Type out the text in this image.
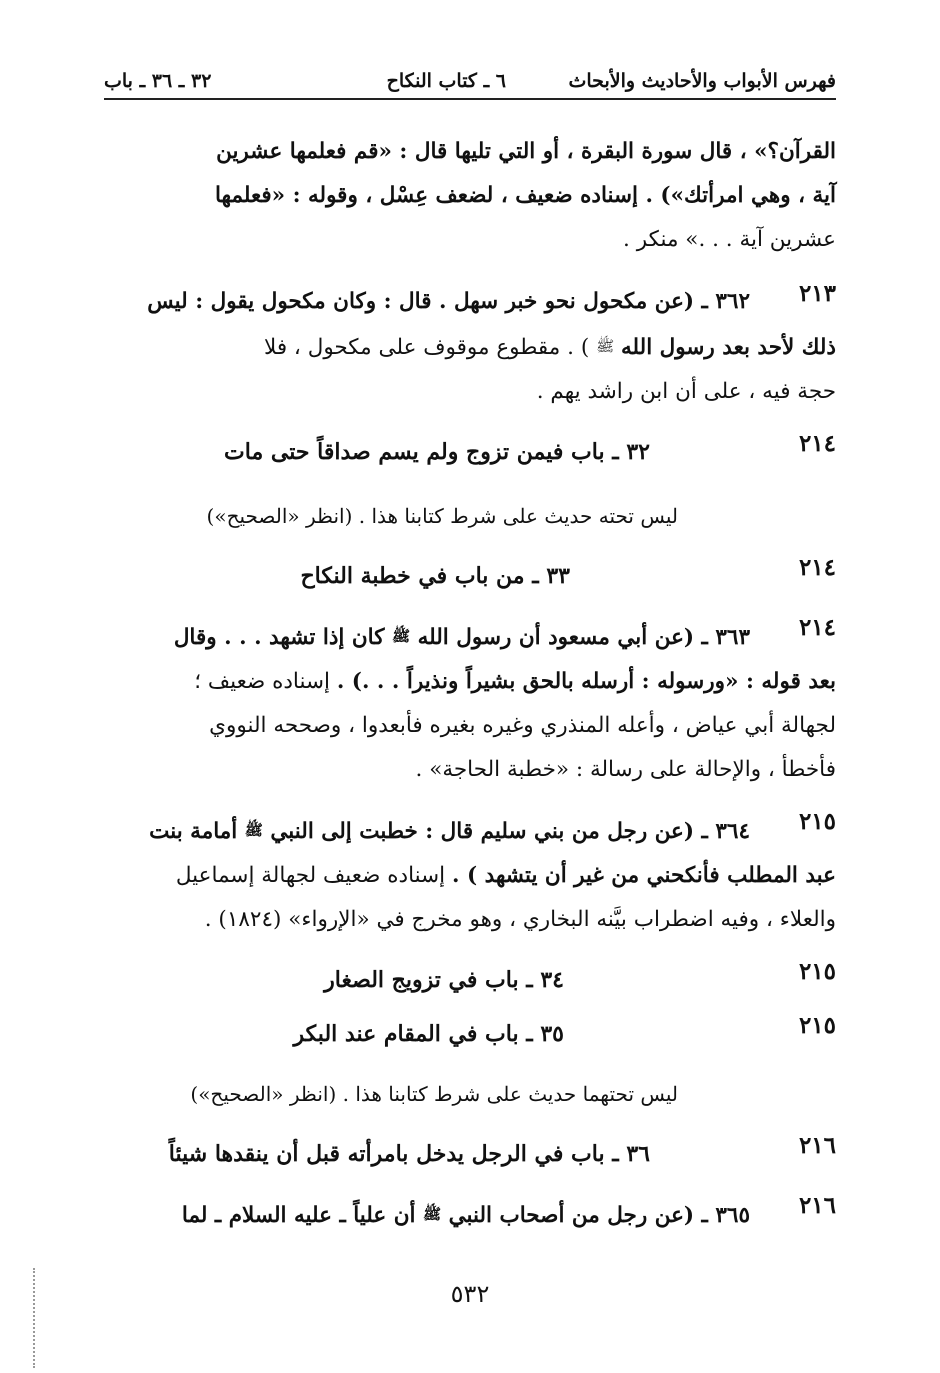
فهرس الأبواب والأحاديث والأبحاث
٦ ـ كتاب النكاح
٣٢ ـ ٣٦ ـ باب
القرآن؟» ، قال سورة البقرة ، أو التي تليها قال : «قم فعلمها عشرين
آية ، وهي امرأتك») . إسناده ضعيف ، لضعف عِسْل ، وقوله : «فعلمها
عشرين آية . . .» منكر .
٢١٣
٣٦٢ ـ (عن مكحول نحو خبر سهل . قال : وكان مكحول يقول : ليس
ذلك لأحد بعد رسول الله ﷺ ) . مقطوع موقوف على مكحول ، فلا
حجة فيه ، على أن ابن راشد يهم .
٢١٤
٣٢ ـ باب فيمن تزوج ولم يسم صداقاً حتى مات
ليس تحته حديث على شرط كتابنا هذا . (انظر «الصحيح»)
٢١٤
٣٣ ـ من باب في خطبة النكاح
٢١٤
٣٦٣ ـ (عن أبي مسعود أن رسول الله ﷺ كان إذا تشهد . . . وقال
بعد قوله : «ورسوله : أرسله بالحق بشيراً ونذيراً . . .) . إسناده ضعيف ؛
لجهالة أبي عياض ، وأعله المنذري وغيره بغيره فأبعدوا ، وصححه النووي
فأخطأ ، والإحالة على رسالة : «خطبة الحاجة» .
٢١٥
٣٦٤ ـ (عن رجل من بني سليم قال : خطبت إلى النبي ﷺ أمامة بنت
عبد المطلب فأنكحني من غير أن يتشهد ) . إسناده ضعيف لجهالة إسماعيل
والعلاء ، وفيه اضطراب بيَّنه البخاري ، وهو مخرج في «الإرواء» (١٨٢٤) .
٢١٥
٣٤ ـ باب في تزويج الصغار
٢١٥
٣٥ ـ باب في المقام عند البكر
ليس تحتهما حديث على شرط كتابنا هذا . (انظر «الصحيح»)
٢١٦
٣٦ ـ باب في الرجل يدخل بامرأته قبل أن ينقدها شيئاً
٢١٦
٣٦٥ ـ (عن رجل من أصحاب النبي ﷺ أن علياً ـ عليه السلام ـ لما
٥٣٢
